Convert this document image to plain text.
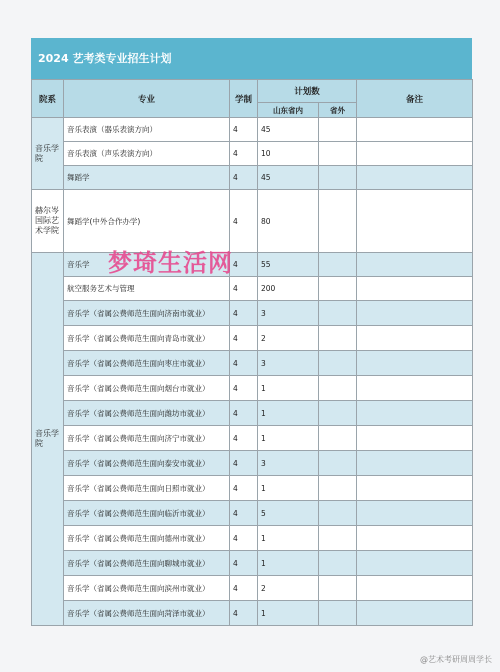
2024 艺考类专业招生计划
院系	专业	学制	计划数		备注
			山东省内	省外	
音乐学院	音乐表演（器乐表演方向）	4	45		
	音乐表演（声乐表演方向）	4	10		
	舞蹈学	4	45		
赫尔岑国际艺术学院	舞蹈学(中外合作办学)	4	80		
音乐学院	音乐学	4	55		
	航空服务艺术与管理	4	200		
	音乐学（省属公费师范生面向济南市就业）	4	3		
	音乐学（省属公费师范生面向青岛市就业）	4	2		
	音乐学（省属公费师范生面向枣庄市就业）	4	3		
	音乐学（省属公费师范生面向烟台市就业）	4	1		
	音乐学（省属公费师范生面向潍坊市就业）	4	1		
	音乐学（省属公费师范生面向济宁市就业）	4	1		
	音乐学（省属公费师范生面向泰安市就业）	4	3		
	音乐学（省属公费师范生面向日照市就业）	4	1		
	音乐学（省属公费师范生面向临沂市就业）	4	5		
	音乐学（省属公费师范生面向德州市就业）	4	1		
	音乐学（省属公费师范生面向聊城市就业）	4	1		
	音乐学（省属公费师范生面向滨州市就业）	4	2		
	音乐学（省属公费师范生面向菏泽市就业）	4	1		
梦琦生活网
@艺术考研周周学长
